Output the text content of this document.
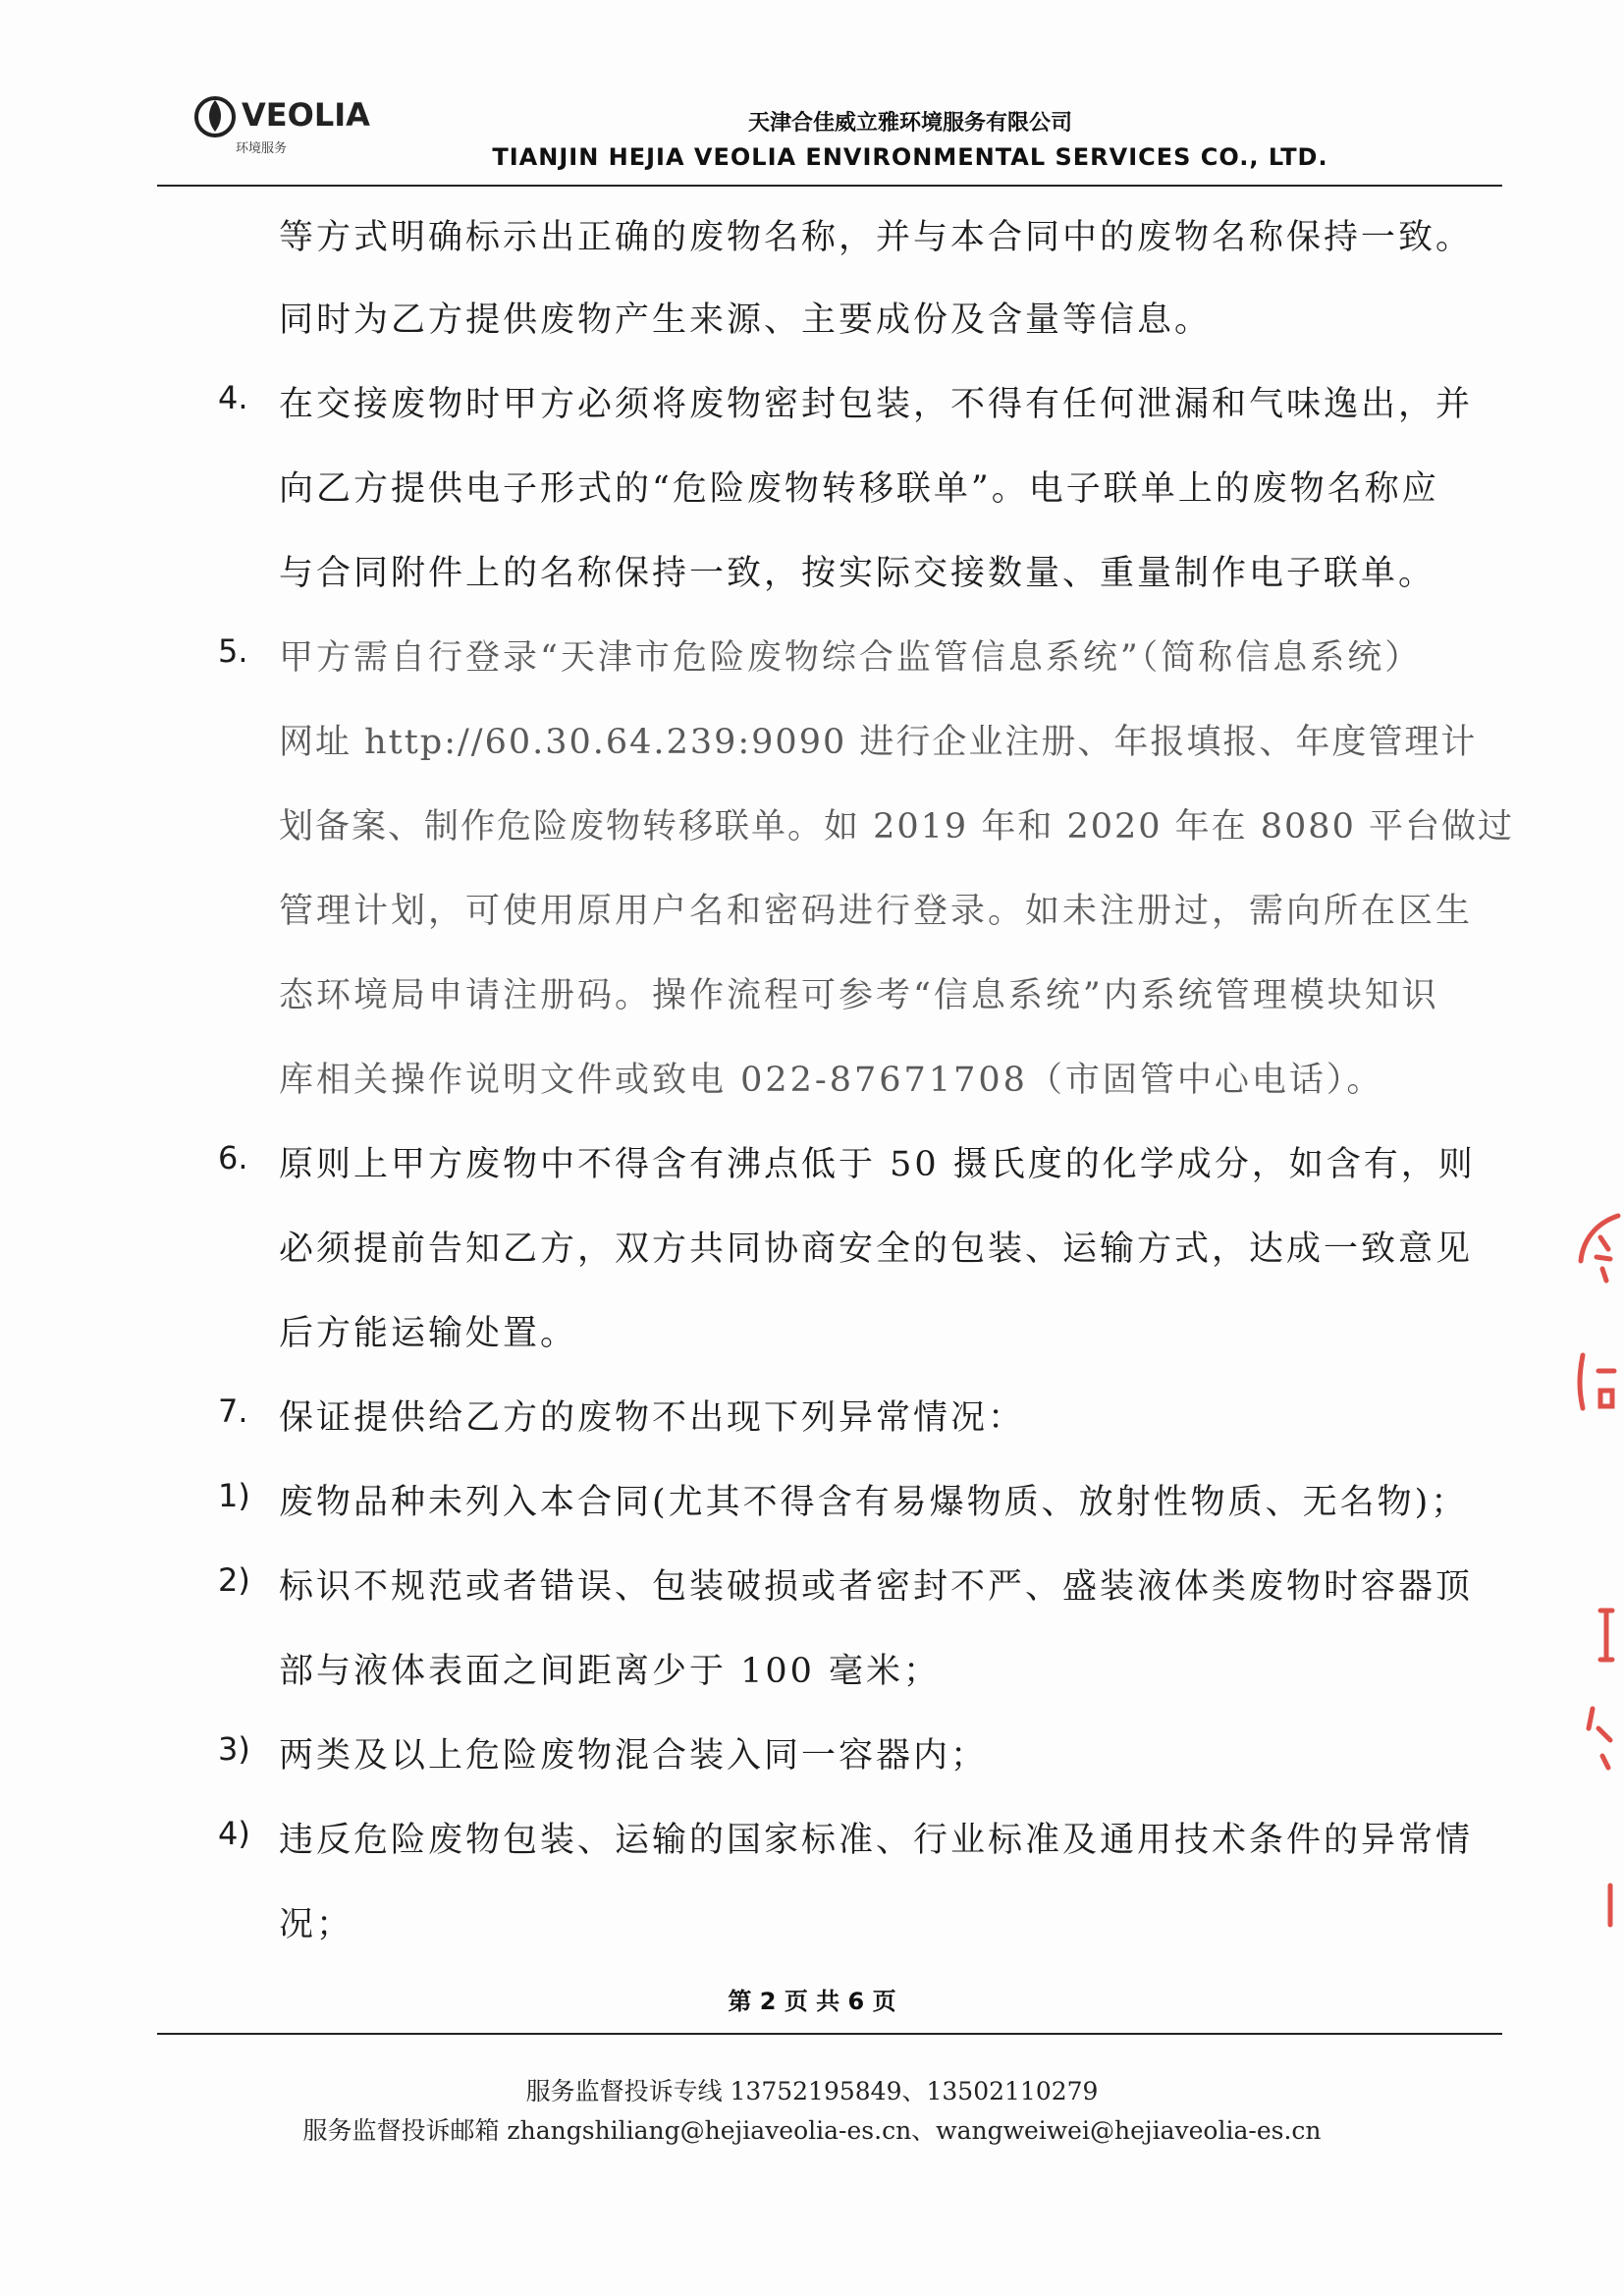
VEOLIA
环境服务
天津合佳威立雅环境服务有限公司
TIANJIN HEJIA VEOLIA ENVIRONMENTAL SERVICES CO., LTD.
等方式明确标示出正确的废物名称，并与本合同中的废物名称保持一致。
同时为乙方提供废物产生来源、主要成份及含量等信息。
4. 在交接废物时甲方必须将废物密封包装，不得有任何泄漏和气味逸出，并
向乙方提供电子形式的“危险废物转移联单”。电子联单上的废物名称应
与合同附件上的名称保持一致，按实际交接数量、重量制作电子联单。
5. 甲方需自行登录“天津市危险废物综合监管信息系统”（简称信息系统）
网址 http://60.30.64.239:9090 进行企业注册、年报填报、年度管理计
划备案、制作危险废物转移联单。如 2019 年和 2020 年在 8080 平台做过
管理计划，可使用原用户名和密码进行登录。如未注册过，需向所在区生
态环境局申请注册码。操作流程可参考“信息系统”内系统管理模块知识
库相关操作说明文件或致电 022-87671708（市固管中心电话）。
6. 原则上甲方废物中不得含有沸点低于 50 摄氏度的化学成分，如含有，则
必须提前告知乙方，双方共同协商安全的包装、运输方式，达成一致意见
后方能运输处置。
7. 保证提供给乙方的废物不出现下列异常情况：
1) 废物品种未列入本合同(尤其不得含有易爆物质、放射性物质、无名物)；
2) 标识不规范或者错误、包装破损或者密封不严、盛装液体类废物时容器顶
部与液体表面之间距离少于 100 毫米；
3) 两类及以上危险废物混合装入同一容器内；
4) 违反危险废物包装、运输的国家标准、行业标准及通用技术条件的异常情
况；
第 2 页 共 6 页
服务监督投诉专线 13752195849、13502110279
服务监督投诉邮箱 zhangshiliang@hejiaveolia-es.cn、wangweiwei@hejiaveolia-es.cn
